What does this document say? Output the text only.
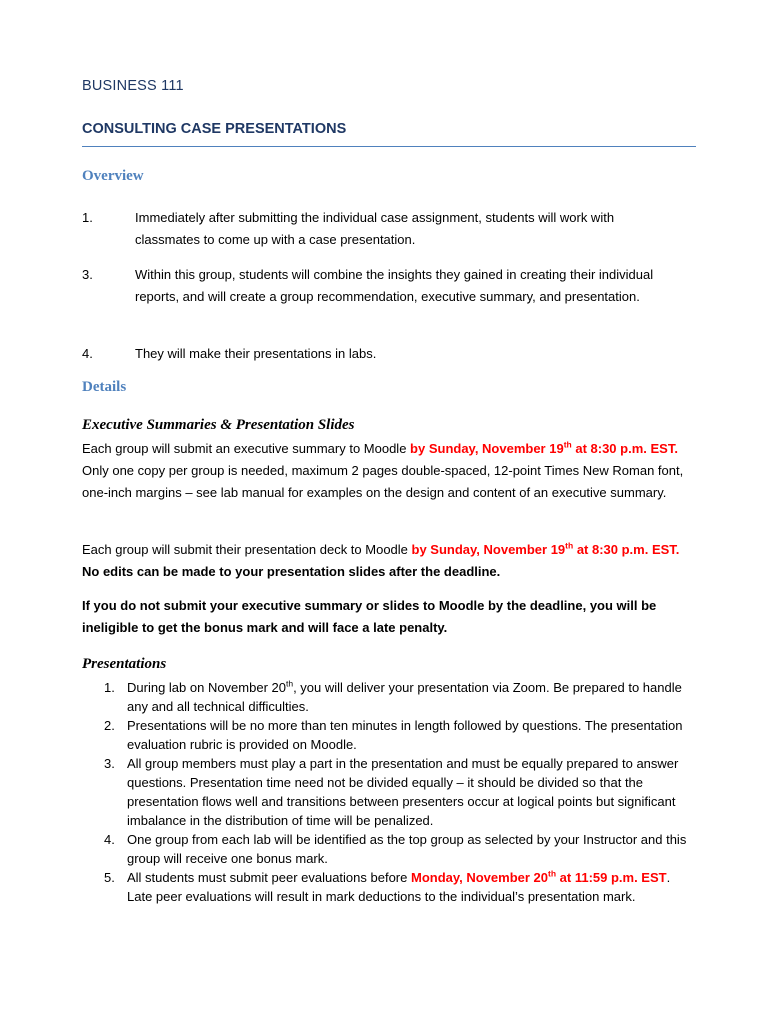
BUSINESS 111
CONSULTING CASE PRESENTATIONS
Overview
1.	Immediately after submitting the individual case assignment, students will work with classmates to come up with a case presentation.
3.	Within this group, students will combine the insights they gained in creating their individual reports, and will create a group recommendation, executive summary, and presentation.
4.	They will make their presentations in labs.
Details
Executive Summaries & Presentation Slides
Each group will submit an executive summary to Moodle by Sunday, November 19th at 8:30 p.m. EST. Only one copy per group is needed, maximum 2 pages double-spaced, 12-point Times New Roman font, one-inch margins – see lab manual for examples on the design and content of an executive summary.
Each group will submit their presentation deck to Moodle by Sunday, November 19th at 8:30 p.m. EST. No edits can be made to your presentation slides after the deadline.
If you do not submit your executive summary or slides to Moodle by the deadline, you will be ineligible to get the bonus mark and will face a late penalty.
Presentations
1. During lab on November 20th, you will deliver your presentation via Zoom. Be prepared to handle any and all technical difficulties.
2. Presentations will be no more than ten minutes in length followed by questions. The presentation evaluation rubric is provided on Moodle.
3. All group members must play a part in the presentation and must be equally prepared to answer questions. Presentation time need not be divided equally – it should be divided so that the presentation flows well and transitions between presenters occur at logical points but significant imbalance in the distribution of time will be penalized.
4. One group from each lab will be identified as the top group as selected by your Instructor and this group will receive one bonus mark.
5. All students must submit peer evaluations before Monday, November 20th at 11:59 p.m. EST. Late peer evaluations will result in mark deductions to the individual’s presentation mark.
